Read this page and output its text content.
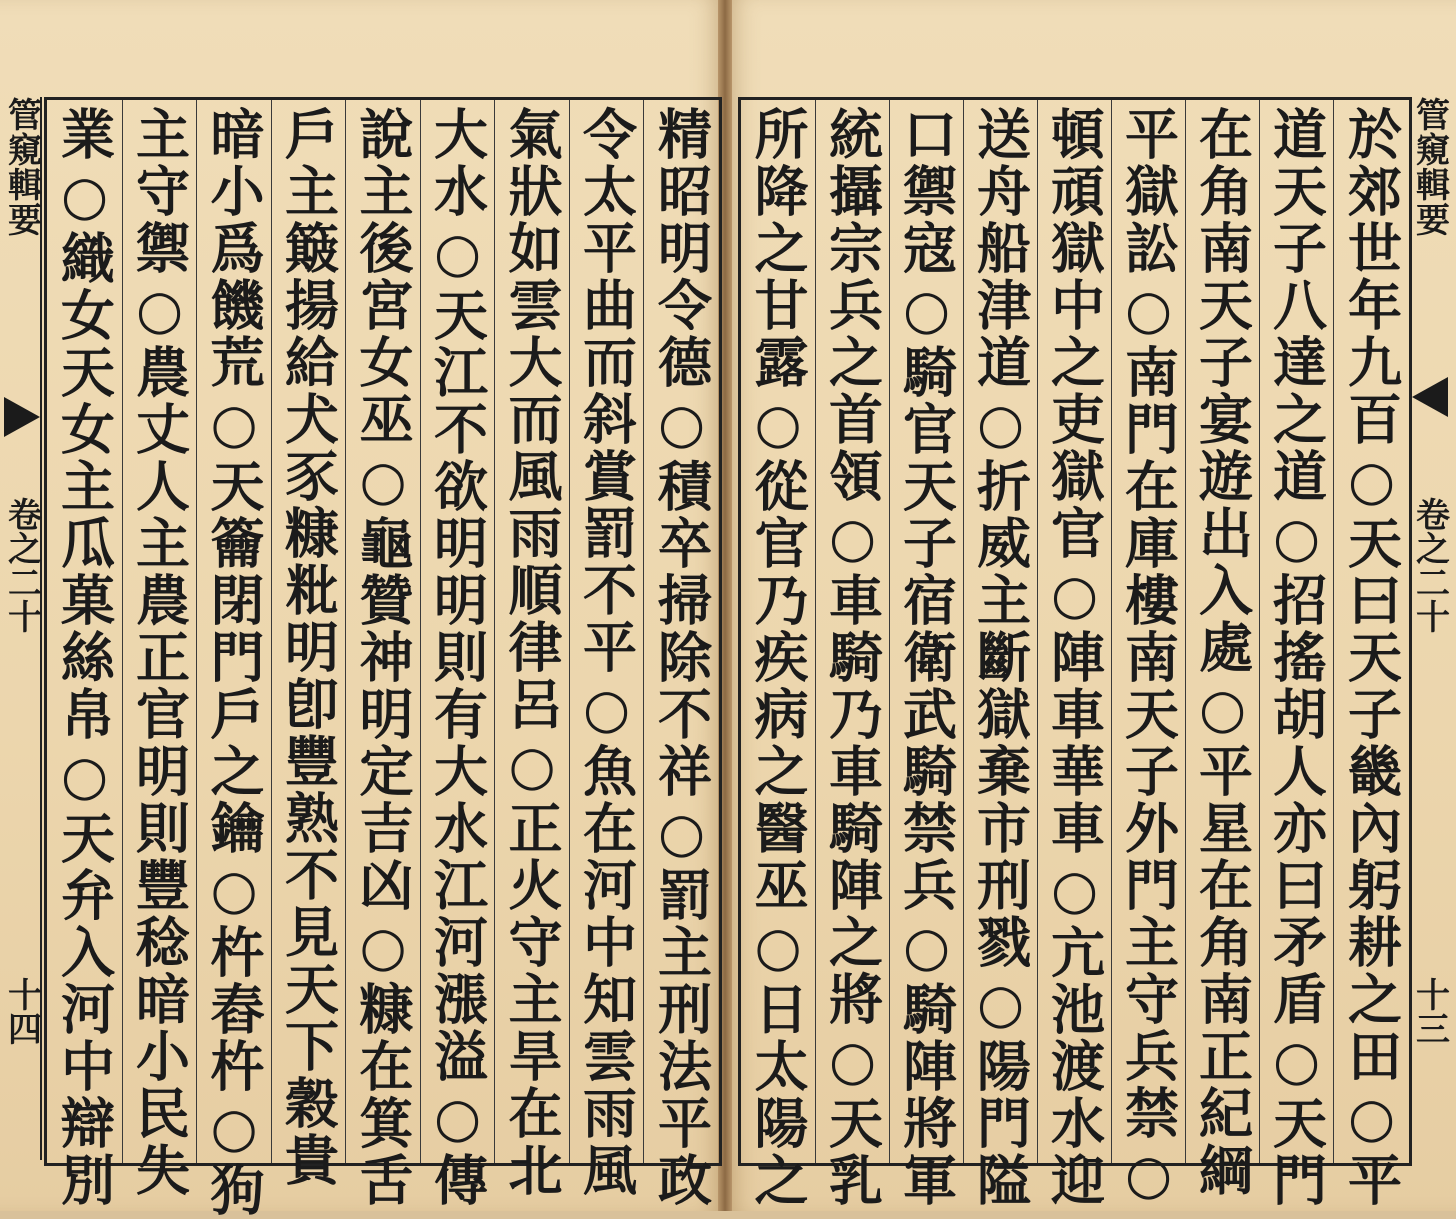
管窺輯要
卷之二十
十四 業○織女天女主瓜菓絲帛○天弁入河中辯別 主守禦○農丈人主農正官明則豐稔暗小民失 暗小爲饑荒○天籥閉門戶之鑰○杵舂杵○狗 戶主簸揚給犬豕糠粃明卽豐熟不見天下穀貴 說主後宮女巫○龜贊神明定吉凶○糠在箕舌 大水○天江不欲明明則有大水江河漲溢○傳 氣狀如雲大而風雨順律呂○正火守主旱在北 令太平曲而斜賞罰不平○魚在河中知雲雨風 精昭明令德○積卒掃除不祥○罰主刑法平政 所降之甘露○從官乃疾病之醫巫○日太陽之 統攝宗兵之首領○車騎乃車騎陣之將○天乳 口禦寇○騎官天子宿衛武騎禁兵○騎陣將軍 送舟船津道○折威主斷獄棄市刑戮○陽門隘 頓頑獄中之吏獄官○陣車華車○亢池渡水迎 平獄訟○南門在庫樓南天子外門主守兵禁○ 在角南天子宴遊出入處○平星在角南正紀綱 道天子八達之道○招搖胡人亦曰矛盾○天門 於郊世年九百○天曰天子畿內躬耕之田○平 管窺輯要
卷之二十
十三
